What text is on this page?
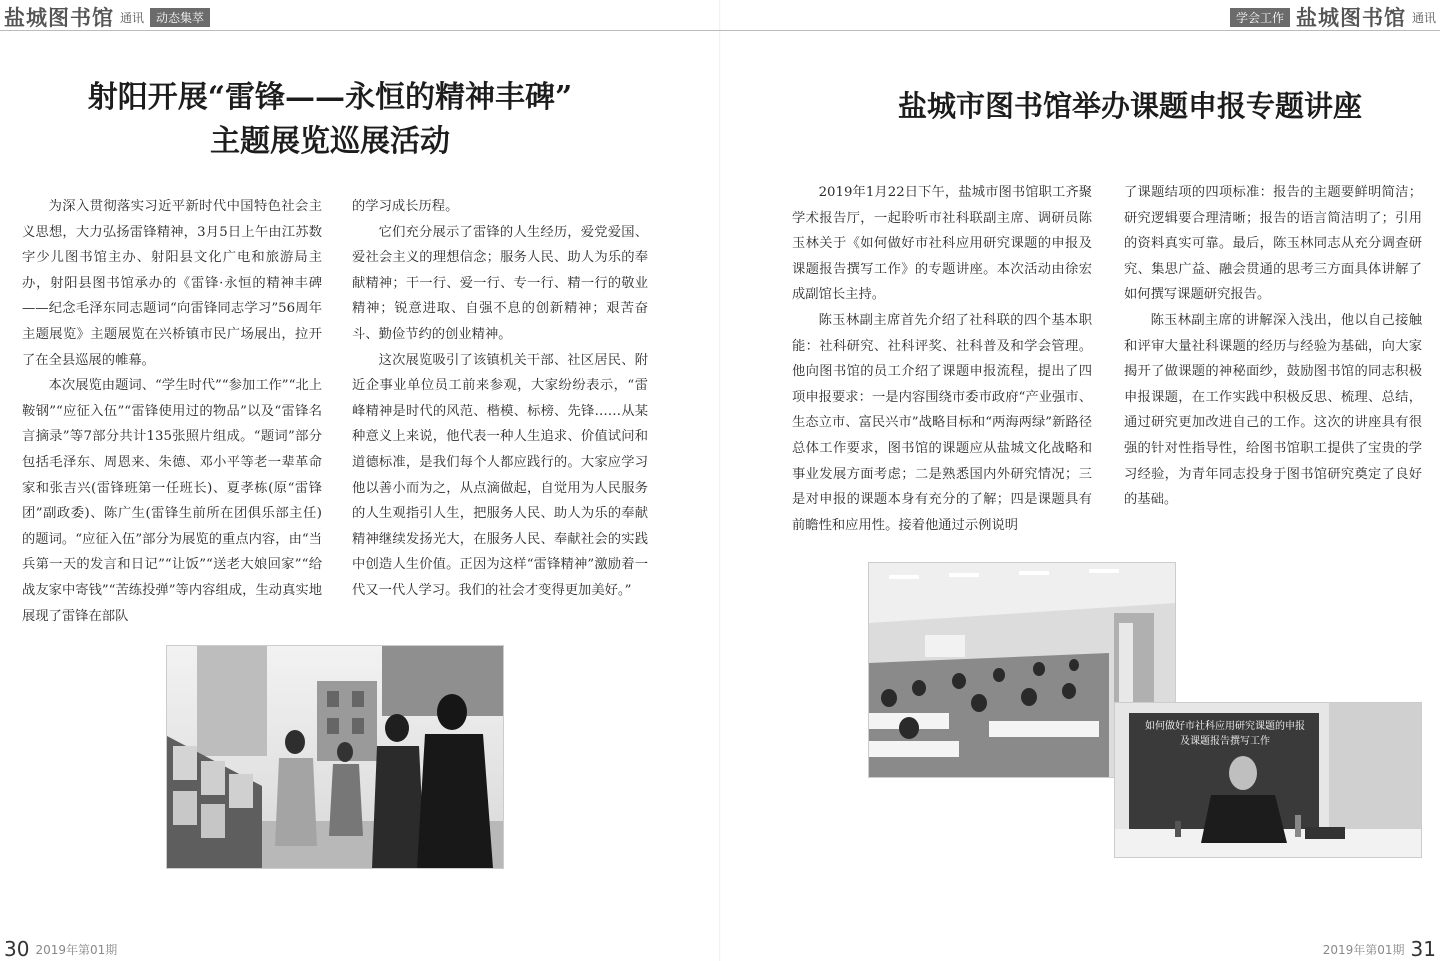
盐城图书馆 通讯	动态集萃
射阳开展“雷锋——永恒的精神丰碑”
主题展览巡展活动

为深入贯彻落实习近平新时代中国特色社会主义思想，大力弘扬雷锋精神，3月5日上午由江苏数字少儿图书馆主办、射阳县文化广电和旅游局主办，射阳县图书馆承办的《雷锋·永恒的精神丰碑——纪念毛泽东同志题词“向雷锋同志学习”56周年主题展览》主题展览在兴桥镇市民广场展出，拉开了在全县巡展的帷幕。

本次展览由题词、“学生时代”“参加工作”“北上鞍钢”“应征入伍”“雷锋使用过的物品”以及“雷锋名言摘录”等7部分共计135张照片组成。“题词”部分包括毛泽东、周恩来、朱德、邓小平等老一辈革命家和张吉兴(雷锋班第一任班长)、夏孝栋(原“雷锋团”副政委)、陈广生(雷锋生前所在团俱乐部主任)的题词。“应征入伍”部分为展览的重点内容，由“当兵第一天的发言和日记”“让饭”“送老大娘回家”“给战友家中寄钱”“苦练投弹”等内容组成，生动真实地展现了雷锋在部队

的学习成长历程。

它们充分展示了雷锋的人生经历，爱党爱国、爱社会主义的理想信念；服务人民、助人为乐的奉献精神；干一行、爱一行、专一行、精一行的敬业精神；锐意进取、自强不息的创新精神；艰苦奋斗、勤俭节约的创业精神。

这次展览吸引了该镇机关干部、社区居民、附近企事业单位员工前来参观，大家纷纷表示，“雷峰精神是时代的风范、楷模、标榜、先锋……从某种意义上来说，他代表一种人生追求、价值试问和道德标准，是我们每个人都应践行的。大家应学习他以善小而为之，从点滴做起，自觉用为人民服务的人生观指引人生，把服务人民、助人为乐的奉献精神继续发扬光大，在服务人民、奉献社会的实践中创造人生价值。正因为这样“雷锋精神”激励着一代又一代人学习。我们的社会才变得更加美好。”

30 2019年第01期
学会工作 盐城图书馆 通讯
盐城市图书馆举办课题申报专题讲座

2019年1月22日下午，盐城市图书馆职工齐聚学术报告厅，一起聆听市社科联副主席、调研员陈玉林关于《如何做好市社科应用研究课题的申报及课题报告撰写工作》的专题讲座。本次活动由徐宏成副馆长主持。

陈玉林副主席首先介绍了社科联的四个基本职能：社科研究、社科评奖、社科普及和学会管理。他向图书馆的员工介绍了课题申报流程，提出了四项申报要求：一是内容围绕市委市政府“产业强市、生态立市、富民兴市”战略目标和“两海两绿”新路径总体工作要求，图书馆的课题应从盐城文化战略和事业发展方面考虑；二是熟悉国内外研究情况；三是对申报的课题本身有充分的了解；四是课题具有前瞻性和应用性。接着他通过示例说明

了课题结项的四项标准：报告的主题要鲜明简洁；研究逻辑要合理清晰；报告的语言简洁明了；引用的资料真实可靠。最后，陈玉林同志从充分调查研究、集思广益、融会贯通的思考三方面具体讲解了如何撰写课题研究报告。

陈玉林副主席的讲解深入浅出，他以自己接触和评审大量社科课题的经历与经验为基础，向大家揭开了做课题的神秘面纱，鼓励图书馆的同志积极申报课题，在工作实践中积极反思、梳理、总结，通过研究更加改进自己的工作。这次的讲座具有很强的针对性指导性，给图书馆职工提供了宝贵的学习经验，为青年同志投身于图书馆研究奠定了良好的基础。

如何做好市社科应用研究课题的申报
及课题报告撰写工作
2019年第01期 31
